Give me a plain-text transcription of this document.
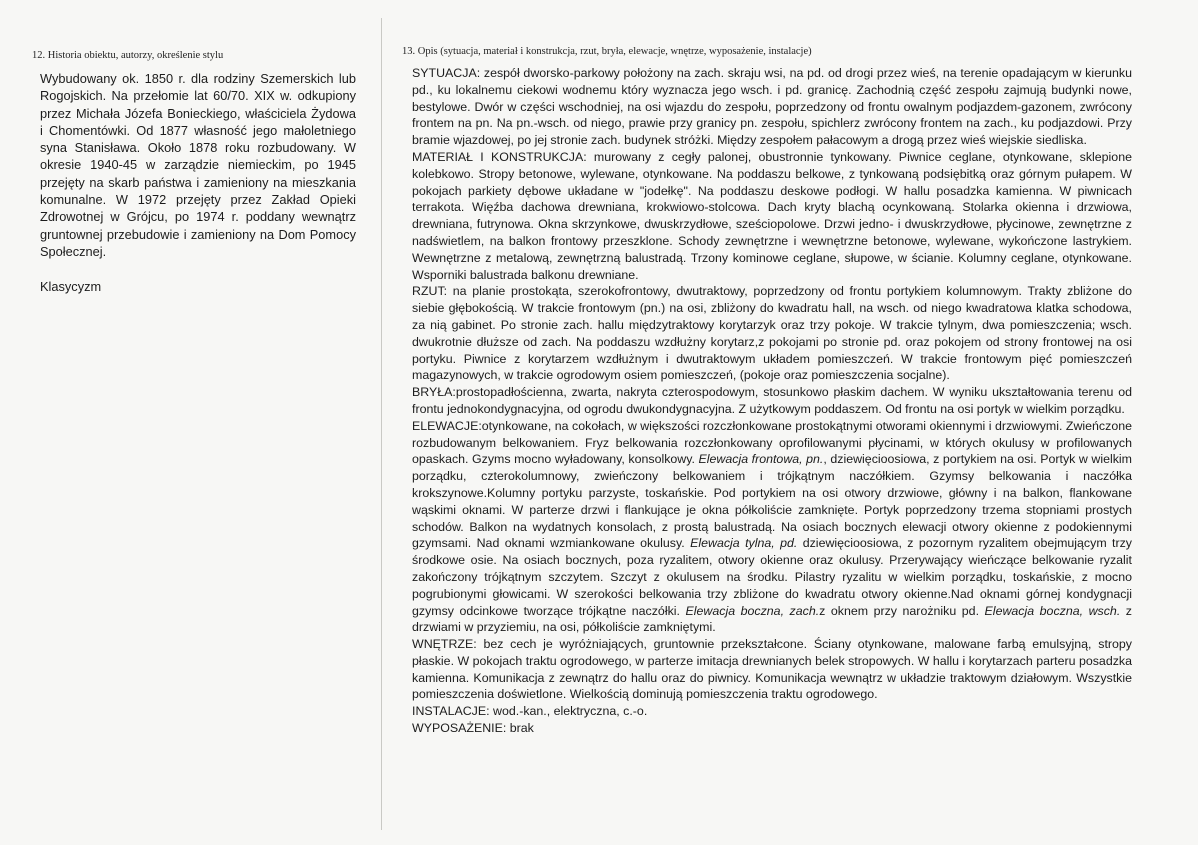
12. Historia obiektu, autorzy, określenie stylu
Wybudowany ok. 1850 r. dla rodziny Szemerskich lub Rogojskich. Na przełomie lat 60/70. XIX w. odkupiony przez Michała Józefa Bonieckiego, właściciela Żydowa i Chomentówki. Od 1877 własność jego małoletniego syna Stanisława. Około 1878 roku rozbudowany. W okresie 1940-45 w zarządzie niemieckim, po 1945 przejęty na skarb państwa i zamieniony na mieszkania komunalne. W 1972 przejęty przez Zakład Opieki Zdrowotnej w Grójcu, po 1974 r. poddany wewnątrz gruntownej przebudowie i zamieniony na Dom Pomocy Społecznej.
Klasycyzm
13. Opis (sytuacja, materiał i konstrukcja, rzut, bryła, elewacje, wnętrze, wyposażenie, instalacje)

SYTUACJA: zespół dworsko-parkowy położony na zach. skraju wsi, na pd. od drogi przez wieś, na terenie opadającym w kierunku pd., ku lokalnemu ciekowi wodnemu który wyznacza jego wsch. i pd. granicę. Zachodnią część zespołu zajmują budynki nowe, bestylowe. Dwór w części wschodniej, na osi wjazdu do zespołu, poprzedzony od frontu owalnym podjazdem-gazonem, zwrócony frontem na pn. Na pn.-wsch. od niego, prawie przy granicy pn. zespołu, spichlerz zwrócony frontem na zach., ku podjazdowi. Przy bramie wjazdowej, po jej stronie zach. budynek stróżki. Między zespołem pałacowym a drogą przez wieś wiejskie siedliska.

MATERIAŁ I KONSTRUKCJA: murowany z cegły palonej, obustronnie tynkowany. Piwnice ceglane, otynkowane, sklepione kolebkowo. Stropy betonowe, wylewane, otynkowane. Na poddaszu belkowe, z tynkowaną podsiębitką oraz górnym pułapem. W pokojach parkiety dębowe układane w "jodełkę". Na poddaszu deskowe podłogi. W hallu posadzka kamienna. W piwnicach terrakota. Więźba dachowa drewniana, krokwiowo-stolcowa. Dach kryty blachą ocynkowaną. Stolarka okienna i drzwiowa, drewniana, futrynowa. Okna skrzynkowe, dwuskrzydłowe, sześciopolowe. Drzwi jedno- i dwuskrzydłowe, płycinowe, zewnętrzne z nadświetlem, na balkon frontowy przeszklone. Schody zewnętrzne i wewnętrzne betonowe, wylewane, wykończone lastrykiem. Wewnętrzne z metalową, zewnętrzną balustradą. Trzony kominowe ceglane, słupowe, w ścianie. Kolumny ceglane, otynkowane. Wsporniki balustrada balkonu drewniane.

RZUT: na planie prostokąta, szerokofrontowy, dwutraktowy, poprzedzony od frontu portykiem kolumnowym. Trakty zbliżone do siebie głębokością. W trakcie frontowym (pn.) na osi, zbliżony do kwadratu hall, na wsch. od niego kwadratowa klatka schodowa, za nią gabinet. Po stronie zach. hallu międzytraktowy korytarzyk oraz trzy pokoje. W trakcie tylnym, dwa pomieszczenia; wsch. dwukrotnie dłuższe od zach. Na poddaszu wzdłużny korytarz,z pokojami po stronie pd. oraz pokojem od strony frontowej na osi portyku. Piwnice z korytarzem wzdłużnym i dwutraktowym układem pomieszczeń. W trakcie frontowym pięć pomieszczeń magazynowych, w trakcie ogrodowym osiem pomieszczeń, (pokoje oraz pomieszczenia socjalne).

BRYŁA:prostopadłościenna, zwarta, nakryta czterospodowym, stosunkowo płaskim dachem. W wyniku ukształtowania terenu od frontu jednokondygnacyjna, od ogrodu dwukondygnacyjna. Z użytkowym poddaszem. Od frontu na osi portyk w wielkim porządku.

ELEWACJE:otynkowane, na cokołach, w większości rozczłonkowane prostokątnymi otworami okiennymi i drzwiowymi. Zwieńczone rozbudowanym belkowaniem. Fryz belkowania rozczłonkowany oprofilowanymi płycinami, w których okulusy w profilowanych opaskach. Gzyms mocno wyładowany, konsolkowy. Elewacja frontowa, pn., dziewięcioosiowa, z portykiem na osi. Portyk w wielkim porządku, czterokolumnowy, zwieńczony belkowaniem i trójkątnym naczółkiem. Gzymsy belkowania i naczółka krokszynowe.Kolumny portyku parzyste, toskańskie. Pod portykiem na osi otwory drzwiowe, główny i na balkon, flankowane wąskimi oknami. W parterze drzwi i flankujące je okna półkoliście zamknięte. Portyk poprzedzony trzema stopniami prostych schodów. Balkon na wydatnych konsolach, z prostą balustradą. Na osiach bocznych elewacji otwory okienne z podokiennymi gzymsami. Nad oknami wzmiankowane okulusy. Elewacja tylna, pd. dziewięcioosiowa, z pozornym ryzalitem obejmującym trzy środkowe osie. Na osiach bocznych, poza ryzalitem, otwory okienne oraz okulusy. Przerywający wieńczące belkowanie ryzalit zakończony trójkątnym szczytem. Szczyt z okulusem na środku. Pilastry ryzalitu w wielkim porządku, toskańskie, z mocno pogrubionymi głowicami. W szerokości belkowania trzy zbliżone do kwadratu otwory okienne.Nad oknami górnej kondygnacji gzymsy odcinkowe tworzące trójkątne naczółki. Elewacja boczna, zach.z oknem przy narożniku pd. Elewacja boczna, wsch. z drzwiami w przyziemiu, na osi, półkoliście zamkniętymi.

WNĘTRZE: bez cech je wyróżniających, gruntownie przekształcone. Ściany otynkowane, malowane farbą emulsyjną, stropy płaskie. W pokojach traktu ogrodowego, w parterze imitacja drewnianych belek stropowych. W hallu i korytarzach parteru posadzka kamienna. Komunikacja z zewnątrz do hallu oraz do piwnicy. Komunikacja wewnątrz w układzie traktowym działowym. Wszystkie pomieszczenia doświetlone. Wielkością dominują pomieszczenia traktu ogrodowego.

INSTALACJE: wod.-kan., elektryczna, c.-o.

WYPOSAŻENIE: brak
